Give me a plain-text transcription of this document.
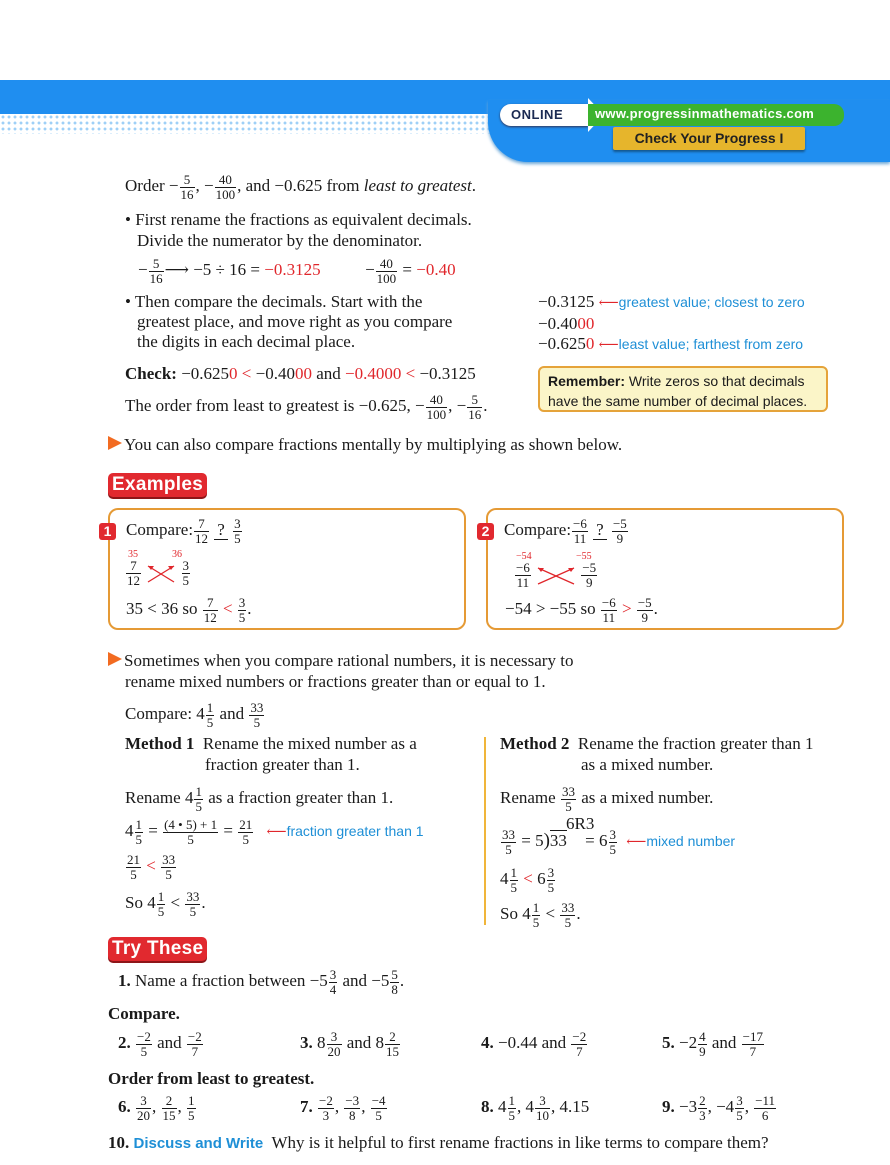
ONLINE www.progressinmathematics.com
Check Your Progress I
Order − $\frac{5}{16}$ , − $\frac{40}{100}$ , and −0.625 from least to greatest.
• First rename the fractions as equivalent decimals.
Divide the numerator by the denominator.
− $\frac{5}{16}$ ⟶ $-5 \div 16 = -0.3125 - \frac{40}{100} = -0.40$
• Then compare the decimals. Start with the
greatest place, and move right as you compare
the digits in each decimal place.
−0.3125 ⟵greatest value; closest to zero
−0.4000
−0.6250 ⟵least value; farthest from zero
Check: −0.6250 < −0.4000 and −0.4000 < −0.3125
The order from least to greatest is −0.625, − $\frac{40}{100}$ , − $\frac{5}{16}$ .
Remember: Write zeros so that decimals have the same number of decimal places.
You can also compare fractions mentally by multiplying as shown below.
Examples
1 Compare: $\frac{7}{12}$ ? $\frac{3}{5}$
35	36
$\frac{7}{12}$
	$\frac{3}{5}$
35 < 36 so $\frac{7}{12} < \frac{3}{5}$ .
2 Compare: $\frac{-6}{11}$ ? $\frac{-5}{9}$
−54	−55
$\frac{-6}{11}$
	$\frac{-5}{9}$
−54 > −55 so $\frac{-6}{11} > \frac{-5}{9}$ .
Sometimes when you compare rational numbers, it is necessary to
rename mixed numbers or fractions greater than or equal to 1.
Compare: $4 \frac{1}{5}$ and $\frac{33}{5}$
Method 1 Rename the mixed number as a
fraction greater than 1.
Rename $4 \frac{1}{5}$ as a fraction greater than 1.
$4 \frac{1}{5} = \frac{(4 • 5) + 1}{5} = \frac{21}{5}$ ⟵fraction greater than 1
$\frac{21}{5} < \frac{33}{5}$
So $4 \frac{1}{5} < \frac{33}{5}$ .
Method 2 Rename the fraction greater than 1
as a mixed number.
Rename $\frac{33}{5}$ as a mixed number.
6R3
$\frac{33}{5} = 5)33 = 6 \frac{3}{5}$ ⟵mixed number
$4 \frac{1}{5} < 6 \frac{3}{5}$
So $4 \frac{1}{5} < \frac{33}{5}$ .
Try These
1. Name a fraction between $-5 \frac{3}{4}$ and $-5 \frac{5}{8}$ .
Compare.
2. $\frac{-2}{5}$ and $\frac{-2}{7}$	3. $8 \frac{3}{20}$ and $8 \frac{2}{15}$	4. −0.44 and $\frac{-2}{7}$	5. $-2 \frac{4}{9}$ and $\frac{-17}{7}$
Order from least to greatest.
6. $\frac{3}{20}$ , $\frac{2}{15}$ , $\frac{1}{5}$	7. $\frac{-2}{3}$ , $\frac{-3}{8}$ , $\frac{-4}{5}$	8. $4 \frac{1}{5}$ , $4 \frac{3}{10}$ , 4.15	9. $-3 \frac{2}{3}$ , $-4 \frac{3}{5}$ , $\frac{-11}{6}$
10. Discuss and Write Why is it helpful to first rename fractions in like terms to compare them?
